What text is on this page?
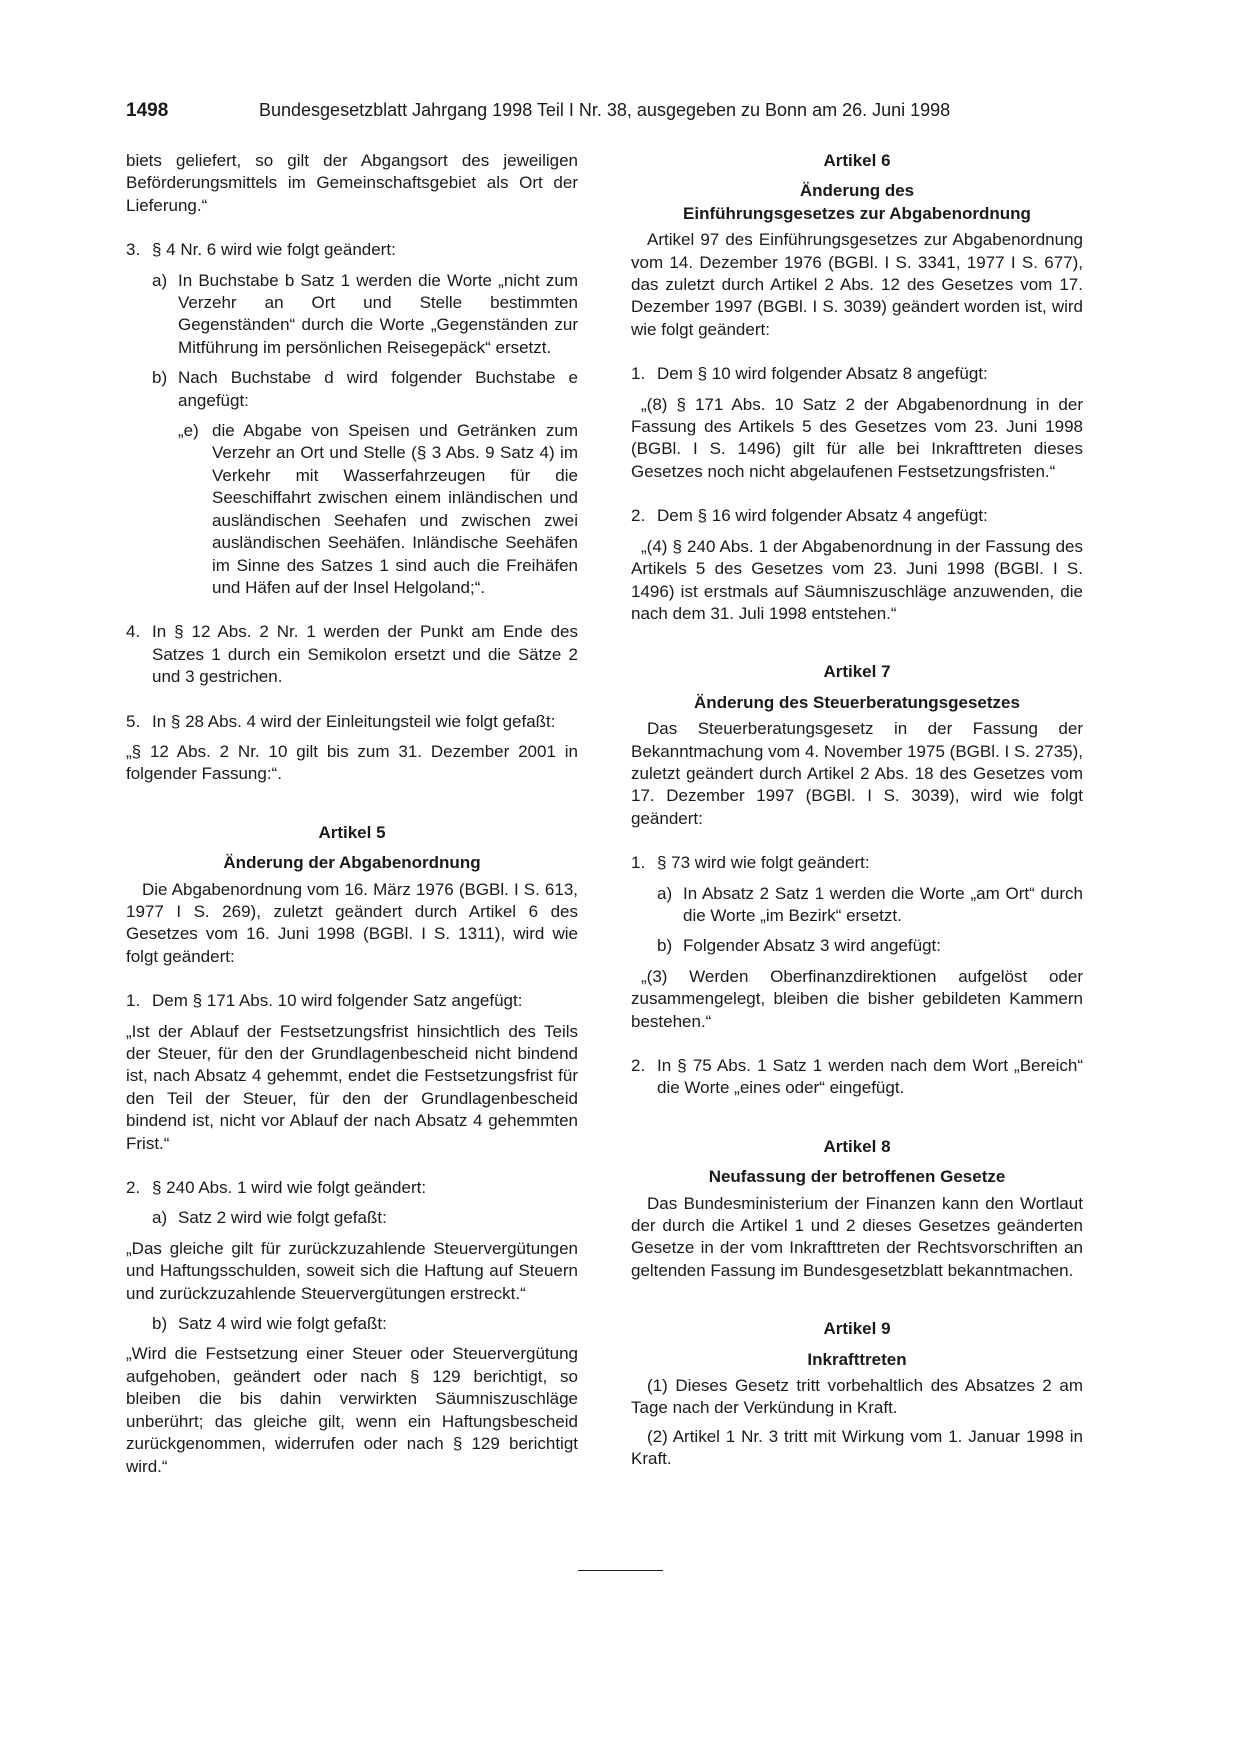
1498	Bundesgesetzblatt Jahrgang 1998 Teil I Nr. 38, ausgegeben zu Bonn am 26. Juni 1998

biets geliefert, so gilt der Abgangsort des jeweiligen Beförderungsmittels im Gemeinschaftsgebiet als Ort der Lieferung.“

3. § 4 Nr. 6 wird wie folgt geändert:
a) In Buchstabe b Satz 1 werden die Worte „nicht zum Verzehr an Ort und Stelle bestimmten Gegenständen“ durch die Worte „Gegenständen zur Mitführung im persönlichen Reisegepäck“ ersetzt.
b) Nach Buchstabe d wird folgender Buchstabe e angefügt:
„e) die Abgabe von Speisen und Getränken zum Verzehr an Ort und Stelle (§ 3 Abs. 9 Satz 4) im Verkehr mit Wasserfahrzeugen für die Seeschiffahrt zwischen einem inländischen und ausländischen Seehafen und zwischen zwei ausländischen Seehäfen. Inländische Seehäfen im Sinne des Satzes 1 sind auch die Freihäfen und Häfen auf der Insel Helgoland;“.
4. In § 12 Abs. 2 Nr. 1 werden der Punkt am Ende des Satzes 1 durch ein Semikolon ersetzt und die Sätze 2 und 3 gestrichen.
5. In § 28 Abs. 4 wird der Einleitungsteil wie folgt gefaßt:

„§ 12 Abs. 2 Nr. 10 gilt bis zum 31. Dezember 2001 in folgender Fassung:“.

Artikel 5

Änderung der Abgabenordnung

Die Abgabenordnung vom 16. März 1976 (BGBl. I S. 613, 1977 I S. 269), zuletzt geändert durch Artikel 6 des Gesetzes vom 16. Juni 1998 (BGBl. I S. 1311), wird wie folgt geändert:

1. Dem § 171 Abs. 10 wird folgender Satz angefügt:

„Ist der Ablauf der Festsetzungsfrist hinsichtlich des Teils der Steuer, für den der Grundlagenbescheid nicht bindend ist, nach Absatz 4 gehemmt, endet die Festsetzungsfrist für den Teil der Steuer, für den der Grundlagenbescheid bindend ist, nicht vor Ablauf der nach Absatz 4 gehemmten Frist.“

2. § 240 Abs. 1 wird wie folgt geändert:
a) Satz 2 wird wie folgt gefaßt:

„Das gleiche gilt für zurückzuzahlende Steuervergütungen und Haftungsschulden, soweit sich die Haftung auf Steuern und zurückzuzahlende Steuervergütungen erstreckt.“

b) Satz 4 wird wie folgt gefaßt:

„Wird die Festsetzung einer Steuer oder Steuervergütung aufgehoben, geändert oder nach § 129 berichtigt, so bleiben die bis dahin verwirkten Säumniszuschläge unberührt; das gleiche gilt, wenn ein Haftungsbescheid zurückgenommen, widerrufen oder nach § 129 berichtigt wird.“

Artikel 6

Änderung des

Einführungsgesetzes zur Abgabenordnung

Artikel 97 des Einführungsgesetzes zur Abgabenordnung vom 14. Dezember 1976 (BGBl. I S. 3341, 1977 I S. 677), das zuletzt durch Artikel 2 Abs. 12 des Gesetzes vom 17. Dezember 1997 (BGBl. I S. 3039) geändert worden ist, wird wie folgt geändert:

1. Dem § 10 wird folgender Absatz 8 angefügt:

„(8) § 171 Abs. 10 Satz 2 der Abgabenordnung in der Fassung des Artikels 5 des Gesetzes vom 23. Juni 1998 (BGBl. I S. 1496) gilt für alle bei Inkrafttreten dieses Gesetzes noch nicht abgelaufenen Festsetzungsfristen.“

2. Dem § 16 wird folgender Absatz 4 angefügt:

„(4) § 240 Abs. 1 der Abgabenordnung in der Fassung des Artikels 5 des Gesetzes vom 23. Juni 1998 (BGBl. I S. 1496) ist erstmals auf Säumniszuschläge anzuwenden, die nach dem 31. Juli 1998 entstehen.“

Artikel 7

Änderung des Steuerberatungsgesetzes

Das Steuerberatungsgesetz in der Fassung der Bekanntmachung vom 4. November 1975 (BGBl. I S. 2735), zuletzt geändert durch Artikel 2 Abs. 18 des Gesetzes vom 17. Dezember 1997 (BGBl. I S. 3039), wird wie folgt geändert:

1. § 73 wird wie folgt geändert:
a) In Absatz 2 Satz 1 werden die Worte „am Ort“ durch die Worte „im Bezirk“ ersetzt.
b) Folgender Absatz 3 wird angefügt:

„(3) Werden Oberfinanzdirektionen aufgelöst oder zusammengelegt, bleiben die bisher gebildeten Kammern bestehen.“

2. In § 75 Abs. 1 Satz 1 werden nach dem Wort „Bereich“ die Worte „eines oder“ eingefügt.

Artikel 8

Neufassung der betroffenen Gesetze

Das Bundesministerium der Finanzen kann den Wortlaut der durch die Artikel 1 und 2 dieses Gesetzes geänderten Gesetze in der vom Inkrafttreten der Rechtsvorschriften an geltenden Fassung im Bundesgesetzblatt bekanntmachen.

Artikel 9

Inkrafttreten

(1) Dieses Gesetz tritt vorbehaltlich des Absatzes 2 am Tage nach der Verkündung in Kraft.

(2) Artikel 1 Nr. 3 tritt mit Wirkung vom 1. Januar 1998 in Kraft.
